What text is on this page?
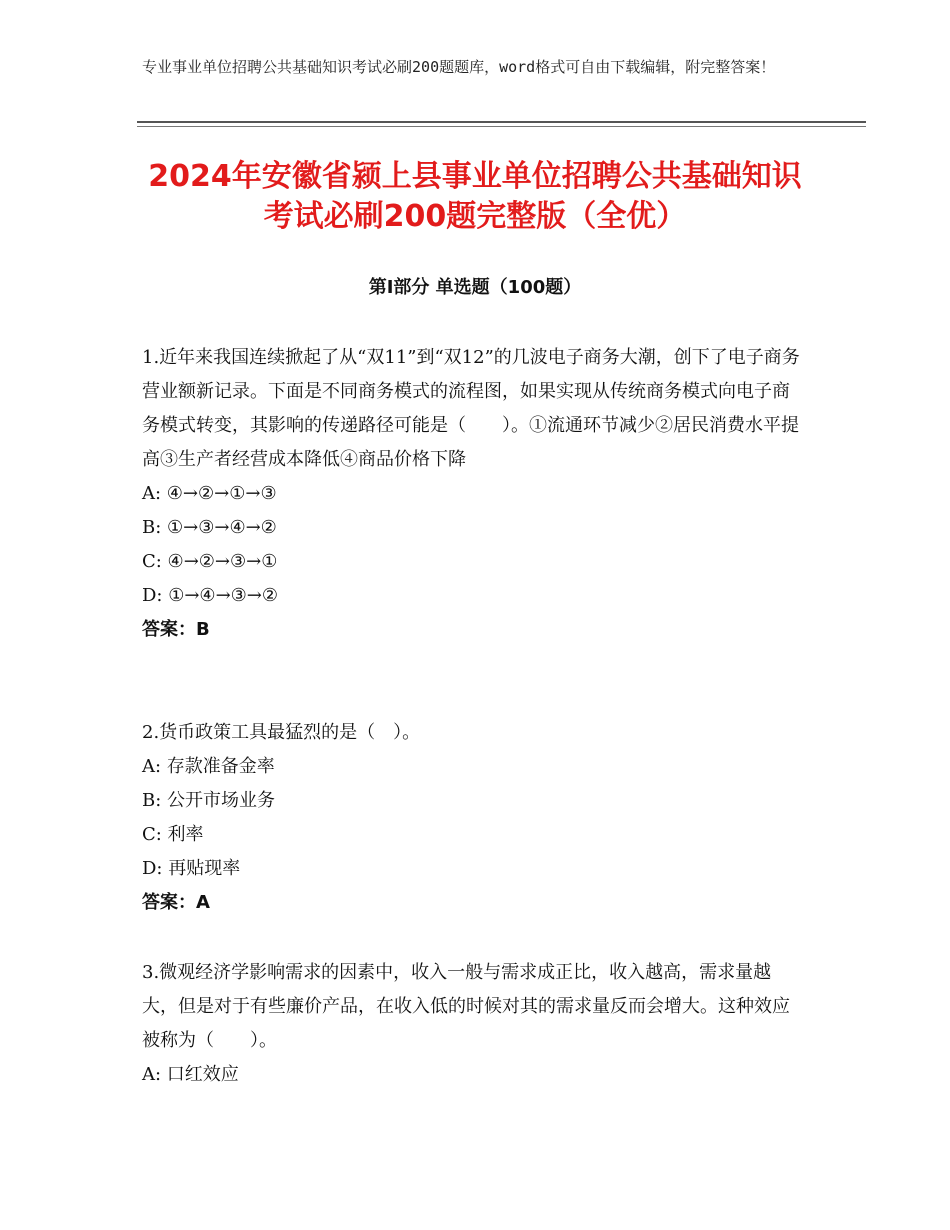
专业事业单位招聘公共基础知识考试必刷200题题库，word格式可自由下载编辑，附完整答案！
2024年安徽省颍上县事业单位招聘公共基础知识考试必刷200题完整版（全优）
第I部分 单选题（100题）

1.近年来我国连续掀起了从“双11”到“双12”的几波电子商务大潮，创下了电子商务营业额新记录。下面是不同商务模式的流程图，如果实现从传统商务模式向电子商务模式转变，其影响的传递路径可能是（　　）。①流通环节减少②居民消费水平提高③生产者经营成本降低④商品价格下降

A: ④→②→①→③

B: ①→③→④→②

C: ④→②→③→①

D: ①→④→③→②

答案：B

2.货币政策工具最猛烈的是（　）。

A: 存款准备金率

B: 公开市场业务

C: 利率

D: 再贴现率

答案：A

3.微观经济学影响需求的因素中，收入一般与需求成正比，收入越高，需求量越大，但是对于有些廉价产品，在收入低的时候对其的需求量反而会增大。这种效应被称为（　　）。

A: 口红效应
